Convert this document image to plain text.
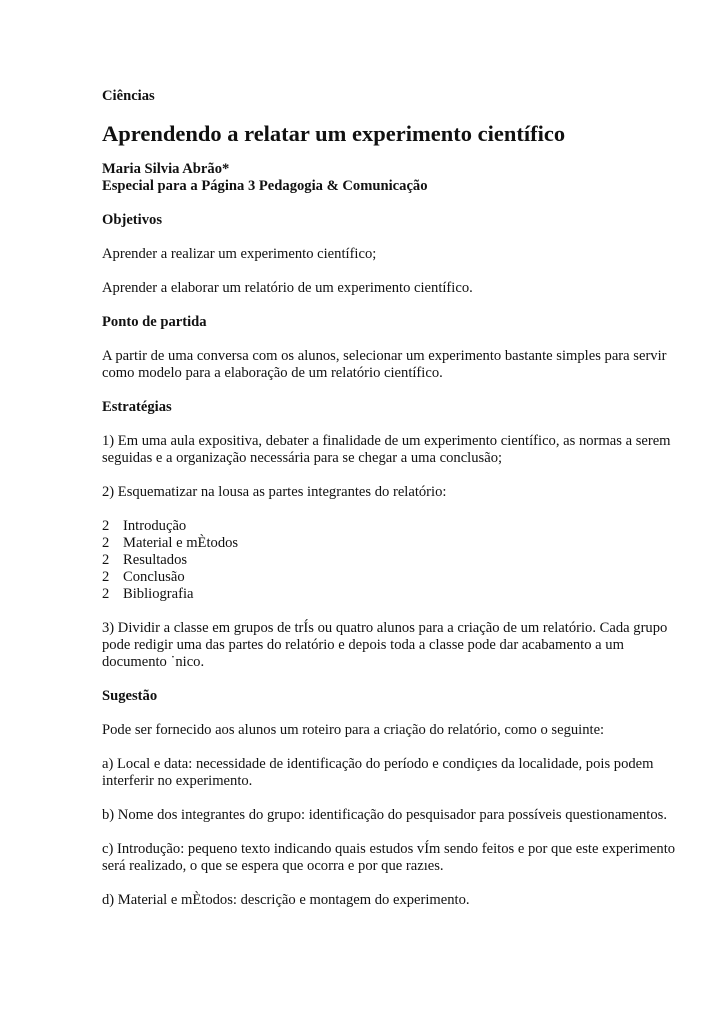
Ciências

Aprendendo a relatar um experimento científico
Maria Silvia Abrão*
Especial para a Página 3 Pedagogia & Comunicação

Objetivos

Aprender a realizar um experimento científico;

Aprender a elaborar um relatório de um experimento científico.

Ponto de partida

A partir de uma conversa com os alunos, selecionar um experimento bastante simples para servir como modelo para a elaboração de um relatório científico.

Estratégias

1) Em uma aula expositiva, debater a finalidade de um experimento científico, as normas a serem seguidas e a organização necessária para se chegar a uma conclusão;

2) Esquematizar na lousa as partes integrantes do relatório:

2 Introdução
2 Material e mÈtodos
2 Resultados
2 Conclusão
2 Bibliografia

3) Dividir a classe em grupos de trÍs ou quatro alunos para a criação de um relatório. Cada grupo pode redigir uma das partes do relatório e depois toda a classe pode dar acabamento a um documento ˙nico.

Sugestão

Pode ser fornecido aos alunos um roteiro para a criação do relatório, como o seguinte:

a) Local e data: necessidade de identificação do período e condiçıes da localidade, pois podem interferir no experimento.

b) Nome dos integrantes do grupo: identificação do pesquisador para possíveis questionamentos.

c) Introdução: pequeno texto indicando quais estudos vÍm sendo feitos e por que este experimento será realizado, o que se espera que ocorra e por que razıes.

d) Material e mÈtodos: descrição e montagem do experimento.
